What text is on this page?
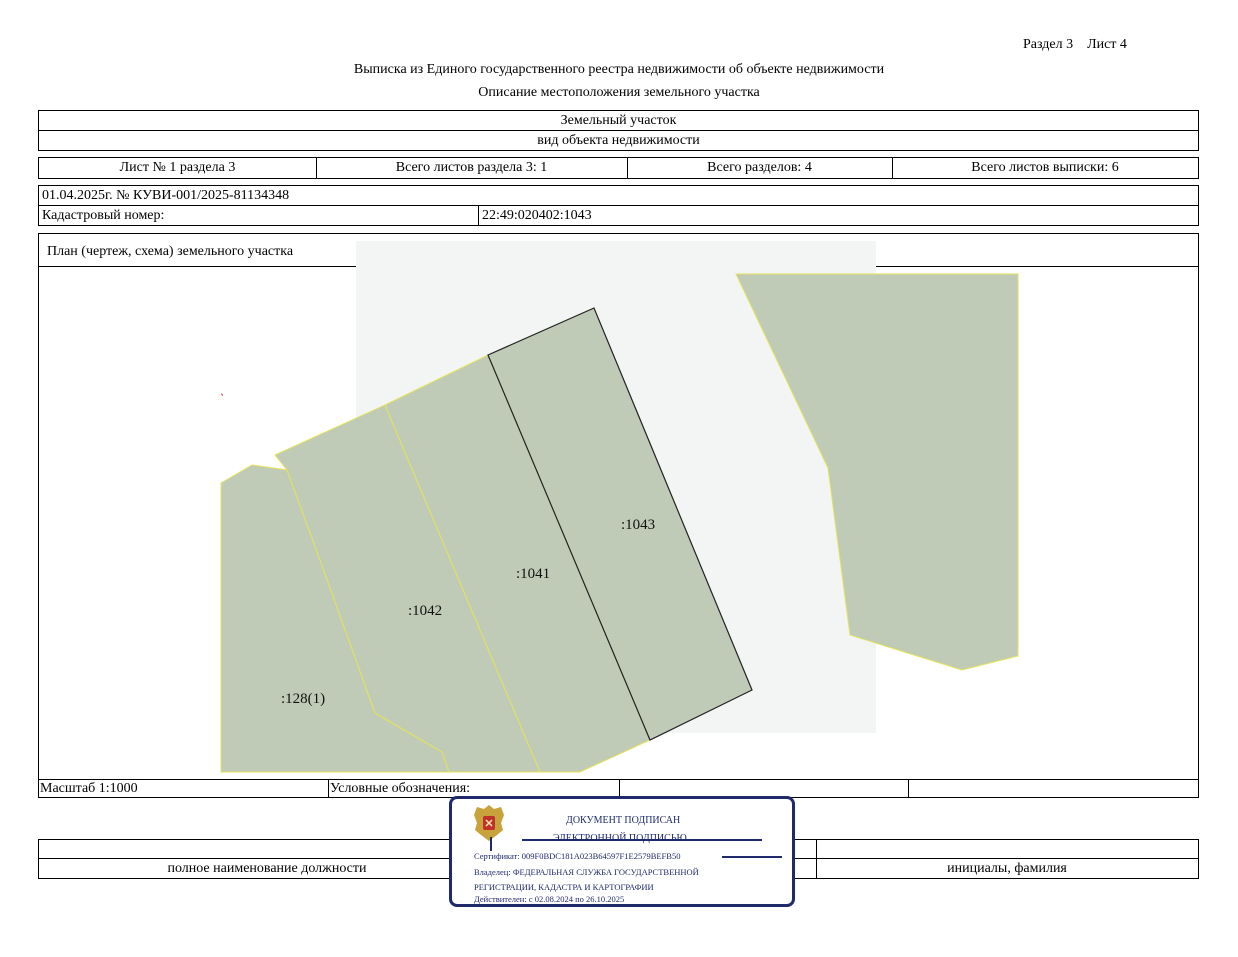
Раздел 3    Лист 4
Выписка из Единого государственного реестра недвижимости об объекте недвижимости
Описание местоположения земельного участка
Земельный участок
вид объекта недвижимости
Лист № 1 раздела 3	Всего листов раздела 3: 1	Всего разделов: 4	Всего листов выписки: 6
01.04.2025г. № КУВИ-001/2025-81134348
Кадастровый номер:	22:49:020402:1043
План (чертеж, схема) земельного участка
Масштаб 1:1000	Условные обозначения:
:1043
:1041
:1042
:128(1)
полное наименование должности	инициалы, фамилия
ДОКУМЕНТ ПОДПИСАН
ЭЛЕКТРОННОЙ ПОДПИСЬЮ
Сертификат: 009F0BDC181A023B64597F1E2579BEFB50
Владелец: ФЕДЕРАЛЬНАЯ СЛУЖБА ГОСУДАРСТВЕННОЙ
РЕГИСТРАЦИИ, КАДАСТРА И КАРТОГРАФИИ
Действителен: с 02.08.2024 по 26.10.2025
